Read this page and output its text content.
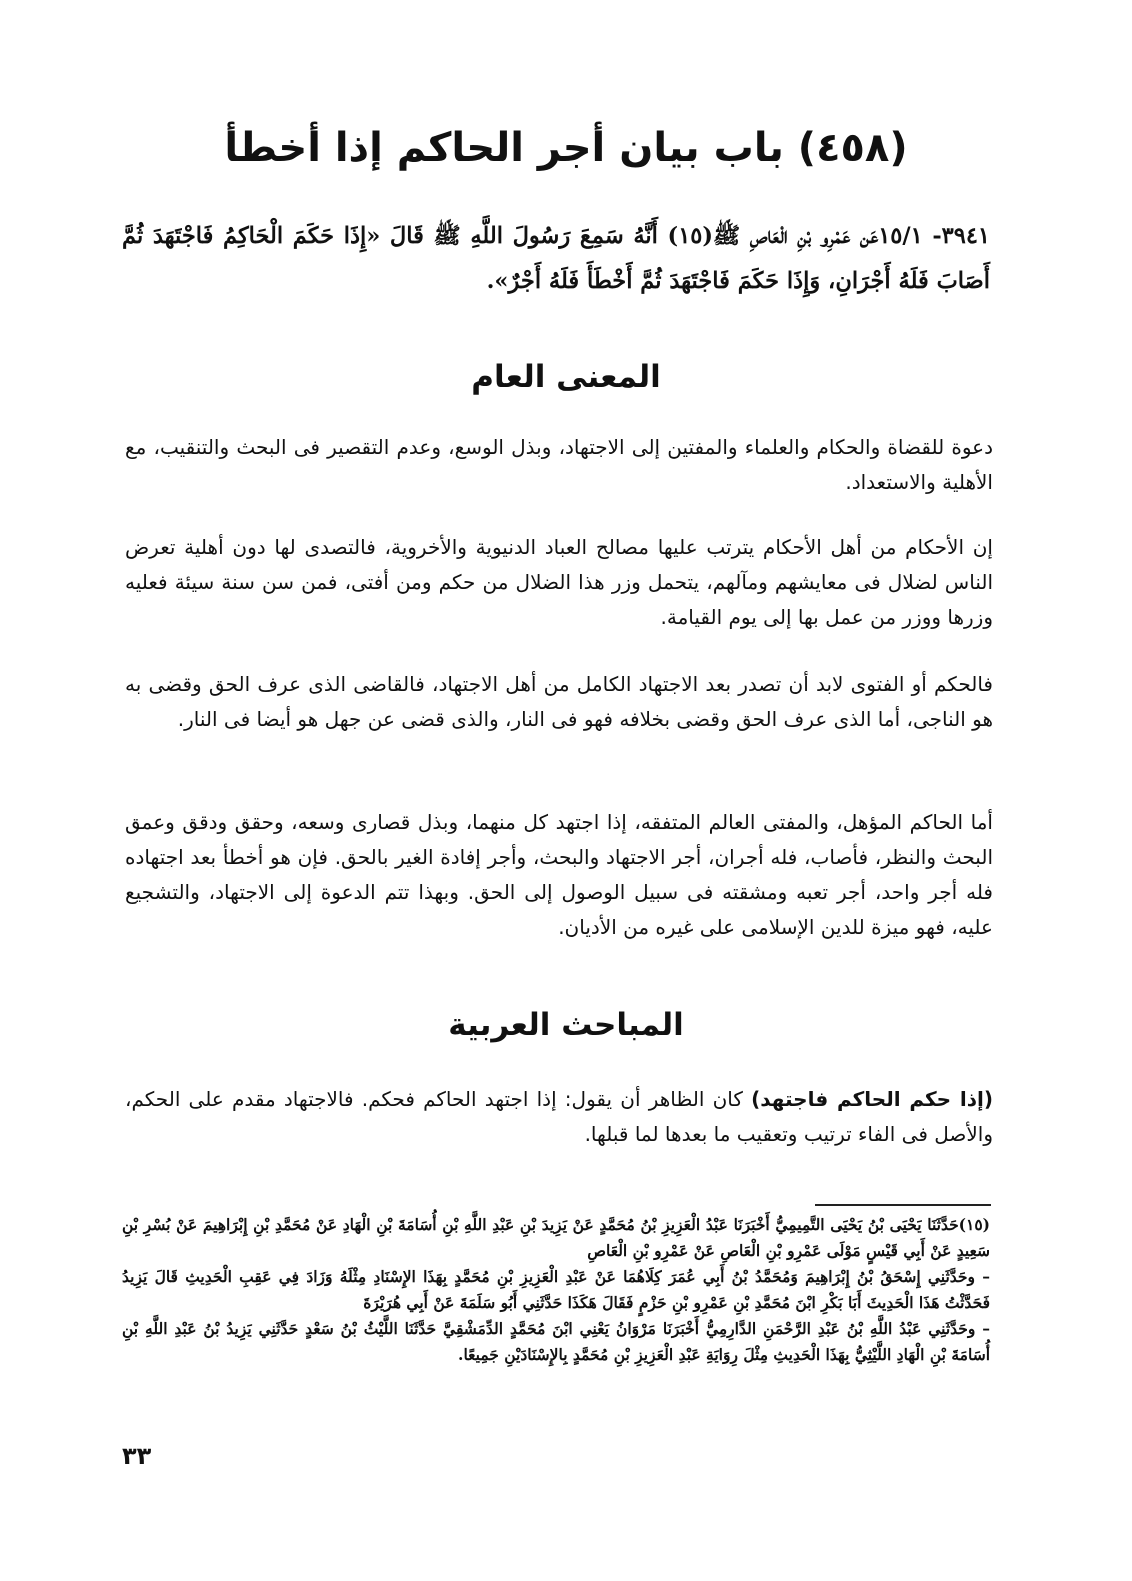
(٤٥٨) باب بيان أجر الحاكم إذا أخطأ
٣٩٤١- ١٥/١عَن عَمْرِو بْنِ الْعَاصِ ﷺ(١٥) أَنَّهُ سَمِعَ رَسُولَ اللَّهِ ﷺ قَالَ «إِذَا حَكَمَ الْحَاكِمُ فَاجْتَهَدَ ثُمَّ أَصَابَ فَلَهُ أَجْرَانِ، وَإِذَا حَكَمَ فَاجْتَهَدَ ثُمَّ أَخْطَأَ فَلَهُ أَجْرٌ».
المعنى العام
دعوة للقضاة والحكام والعلماء والمفتين إلى الاجتهاد، وبذل الوسع، وعدم التقصير فى البحث والتنقيب، مع الأهلية والاستعداد.
إن الأحكام من أهل الأحكام يترتب عليها مصالح العباد الدنيوية والأخروية، فالتصدى لها دون أهلية تعرض الناس لضلال فى معايشهم ومآلهم، يتحمل وزر هذا الضلال من حكم ومن أفتى، فمن سن سنة سيئة فعليه وزرها ووزر من عمل بها إلى يوم القيامة.
فالحكم أو الفتوى لابد أن تصدر بعد الاجتهاد الكامل من أهل الاجتهاد، فالقاضى الذى عرف الحق وقضى به هو الناجى، أما الذى عرف الحق وقضى بخلافه فهو فى النار، والذى قضى عن جهل هو أيضا فى النار.
أما الحاكم المؤهل، والمفتى العالم المتفقه، إذا اجتهد كل منهما، وبذل قصارى وسعه، وحقق ودقق وعمق البحث والنظر، فأصاب، فله أجران، أجر الاجتهاد والبحث، وأجر إفادة الغير بالحق. فإن هو أخطأ بعد اجتهاده فله أجر واحد، أجر تعبه ومشقته فى سبيل الوصول إلى الحق. وبهذا تتم الدعوة إلى الاجتهاد، والتشجيع عليه، فهو ميزة للدين الإسلامى على غيره من الأديان.
المباحث العربية
(إذا حكم الحاكم فاجتهد) كان الظاهر أن يقول: إذا اجتهد الحاكم فحكم. فالاجتهاد مقدم على الحكم، والأصل فى الفاء ترتيب وتعقيب ما بعدها لما قبلها.

(١٥)حَدَّثَنَا يَحْيَى بْنُ يَحْيَى التَّمِيمِيُّ أَخْبَرَنَا عَبْدُ الْعَزِيزِ بْنُ مُحَمَّدٍ عَنْ يَزِيدَ بْنِ عَبْدِ اللَّهِ بْنِ أُسَامَةَ بْنِ الْهَادِ عَنْ مُحَمَّدِ بْنِ إِبْرَاهِيمَ عَنْ بُسْرِ بْنِ سَعِيدٍ عَنْ أَبِي قَيْسٍ مَوْلَى عَمْرِو بْنِ الْعَاصِ عَنْ عَمْرِو بْنِ الْعَاصِ

– وحَدَّثَنِي إِسْحَقُ بْنُ إِبْرَاهِيمَ وَمُحَمَّدُ بْنُ أَبِي عُمَرَ كِلَاهُمَا عَنْ عَبْدِ الْعَزِيزِ بْنِ مُحَمَّدٍ بِهَذَا الإِسْنَادِ مِثْلَهُ وَزَادَ فِي عَقِبِ الْحَدِيثِ قَالَ يَزِيدُ فَحَدَّثْتُ هَذَا الْحَدِيثَ أَبَا بَكْرِ ابْنَ مُحَمَّدِ بْنِ عَمْرِو بْنِ حَزْمٍ فَقَالَ هَكَذَا حَدَّثَنِي أَبُو سَلَمَةَ عَنْ أَبِي هُرَيْرَةَ

– وحَدَّثَنِي عَبْدُ اللَّهِ بْنُ عَبْدِ الرَّحْمَنِ الدَّارِمِيُّ أَخْبَرَنَا مَرْوَانُ يَعْنِي ابْنَ مُحَمَّدٍ الدِّمَشْقِيَّ حَدَّثَنَا اللَّيْثُ بْنُ سَعْدٍ حَدَّثَنِي يَزِيدُ بْنُ عَبْدِ اللَّهِ بْنِ أُسَامَةَ بْنِ الْهَادِ اللَّيْثِيُّ بِهَذَا الْحَدِيثِ مِثْلَ رِوَايَةِ عَبْدِ الْعَزِيزِ بْنِ مُحَمَّدٍ بِالإِسْنَادَيْنِ جَمِيعًا.

٣٣
